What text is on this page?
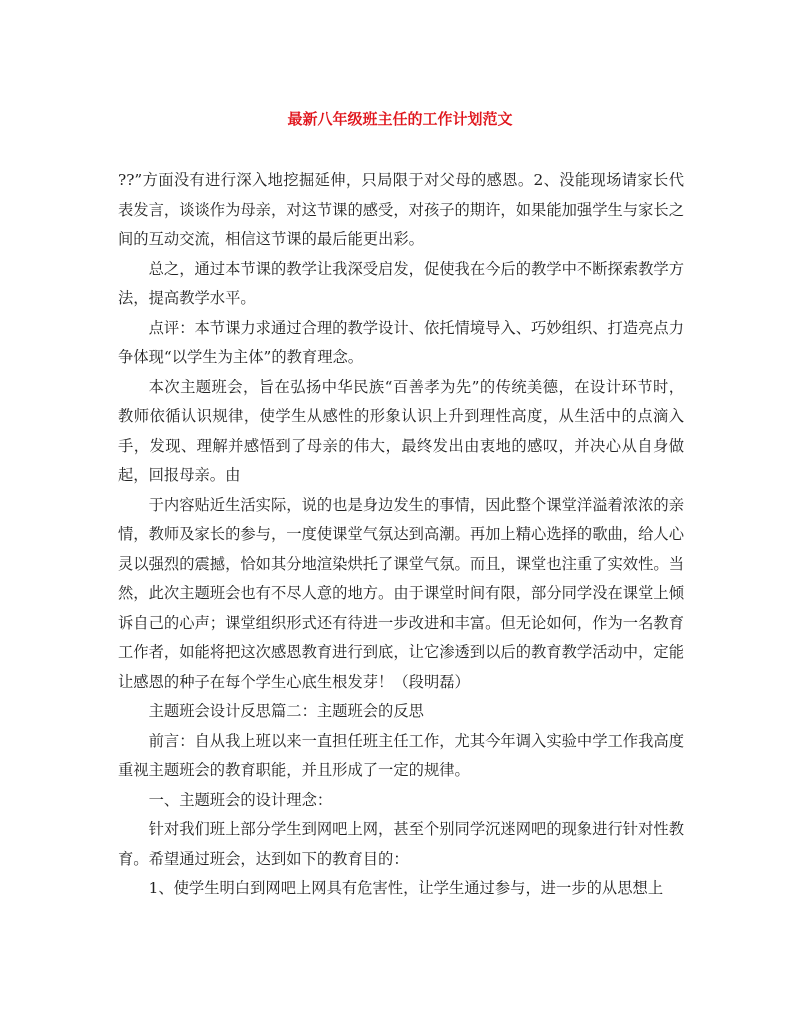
最新八年级班主任的工作计划范文

??”方面没有进行深入地挖掘延伸，只局限于对父母的感恩。2、没能现场请家长代表发言，谈谈作为母亲，对这节课的感受，对孩子的期许，如果能加强学生与家长之间的互动交流，相信这节课的最后能更出彩。

总之，通过本节课的教学让我深受启发，促使我在今后的教学中不断探索教学方法，提高教学水平。

点评：本节课力求通过合理的教学设计、依托情境导入、巧妙组织、打造亮点力争体现“以学生为主体”的教育理念。

本次主题班会，旨在弘扬中华民族“百善孝为先”的传统美德，在设计环节时，教师依循认识规律，使学生从感性的形象认识上升到理性高度，从生活中的点滴入手，发现、理解并感悟到了母亲的伟大，最终发出由衷地的感叹，并决心从自身做起，回报母亲。由

于内容贴近生活实际，说的也是身边发生的事情，因此整个课堂洋溢着浓浓的亲情，教师及家长的参与，一度使课堂气氛达到高潮。再加上精心选择的歌曲，给人心灵以强烈的震撼，恰如其分地渲染烘托了课堂气氛。而且，课堂也注重了实效性。当然，此次主题班会也有不尽人意的地方。由于课堂时间有限，部分同学没在课堂上倾诉自己的心声；课堂组织形式还有待进一步改进和丰富。但无论如何，作为一名教育工作者，如能将把这次感恩教育进行到底，让它渗透到以后的教育教学活动中，定能让感恩的种子在每个学生心底生根发芽！（段明磊）

主题班会设计反思篇二：主题班会的反思

前言：自从我上班以来一直担任班主任工作，尤其今年调入实验中学工作我高度重视主题班会的教育职能，并且形成了一定的规律。

一、主题班会的设计理念：

针对我们班上部分学生到网吧上网，甚至个别同学沉迷网吧的现象进行针对性教育。希望通过班会，达到如下的教育目的：

1、使学生明白到网吧上网具有危害性，让学生通过参与，进一步的从思想上
